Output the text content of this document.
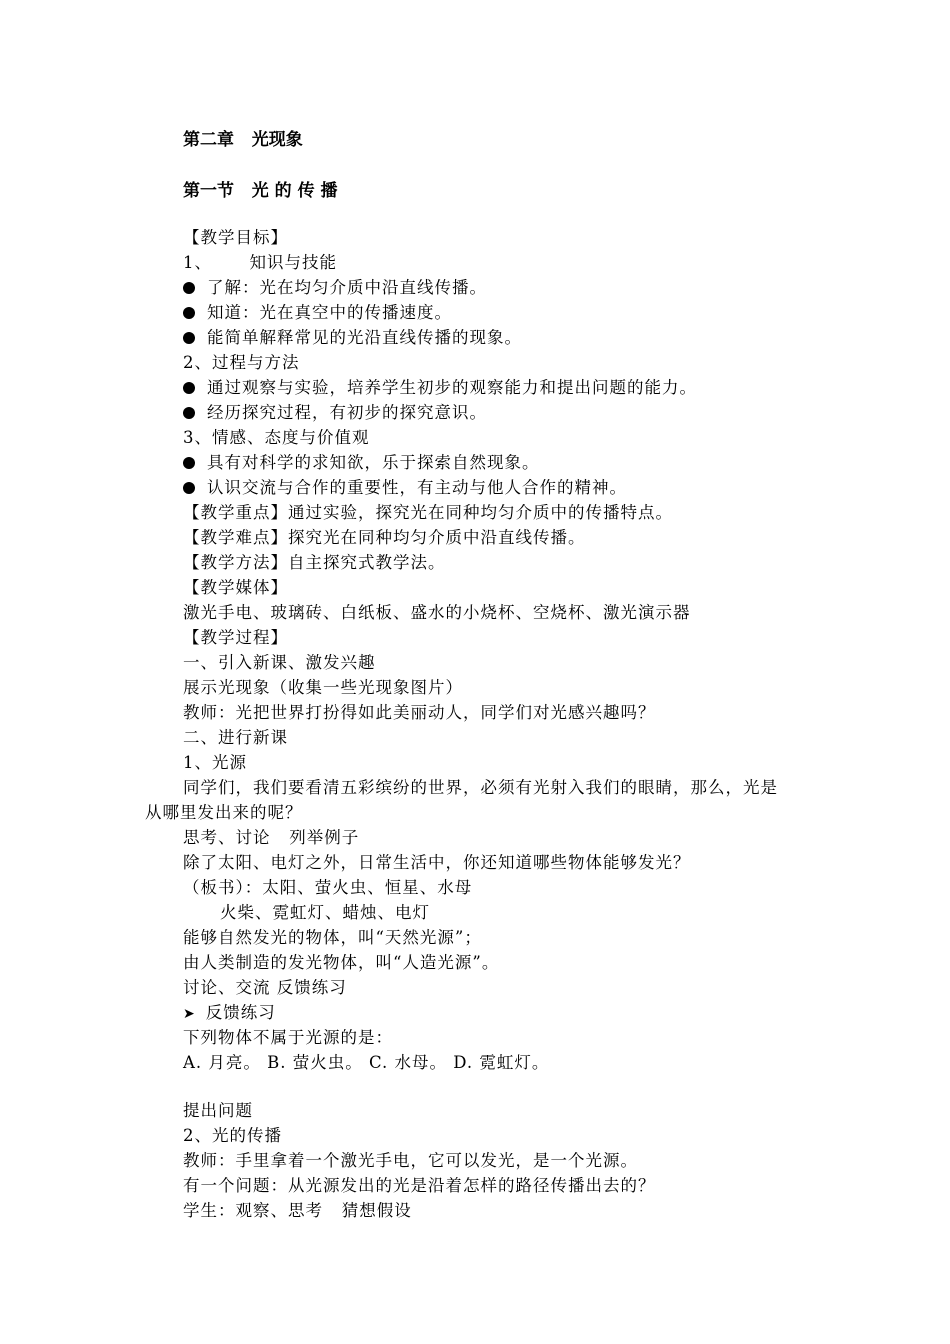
第二章   光现象
第一节   光 的 传 播
【教学目标】
1、      知识与技能
了解：光在均匀介质中沿直线传播。
知道：光在真空中的传播速度。
能简单解释常见的光沿直线传播的现象。
2、过程与方法
通过观察与实验，培养学生初步的观察能力和提出问题的能力。
经历探究过程，有初步的探究意识。
3、情感、态度与价值观
具有对科学的求知欲，乐于探索自然现象。
认识交流与合作的重要性，有主动与他人合作的精神。
【教学重点】通过实验，探究光在同种均匀介质中的传播特点。
【教学难点】探究光在同种均匀介质中沿直线传播。
【教学方法】自主探究式教学法。
【教学媒体】
激光手电、玻璃砖、白纸板、盛水的小烧杯、空烧杯、激光演示器
【教学过程】
一、引入新课、激发兴趣
展示光现象（收集一些光现象图片）
教师：光把世界打扮得如此美丽动人，同学们对光感兴趣吗？
二、进行新课
1、光源
同学们，我们要看清五彩缤纷的世界，必须有光射入我们的眼睛，那么，光是
从哪里发出来的呢？
思考、讨论   列举例子
除了太阳、电灯之外，日常生活中，你还知道哪些物体能够发光？
（板书）：太阳、萤火虫、恒星、水母
火柴、霓虹灯、蜡烛、电灯
能够自然发光的物体，叫“天然光源”；
由人类制造的发光物体，叫“人造光源”。
讨论、交流 反馈练习
➤ 反馈练习
下列物体不属于光源的是：
A. 月亮。 B. 萤火虫。 C. 水母。 D. 霓虹灯。
提出问题
2、光的传播
教师：手里拿着一个激光手电，它可以发光，是一个光源。
有一个问题：从光源发出的光是沿着怎样的路径传播出去的？
学生：观察、思考   猜想假设
